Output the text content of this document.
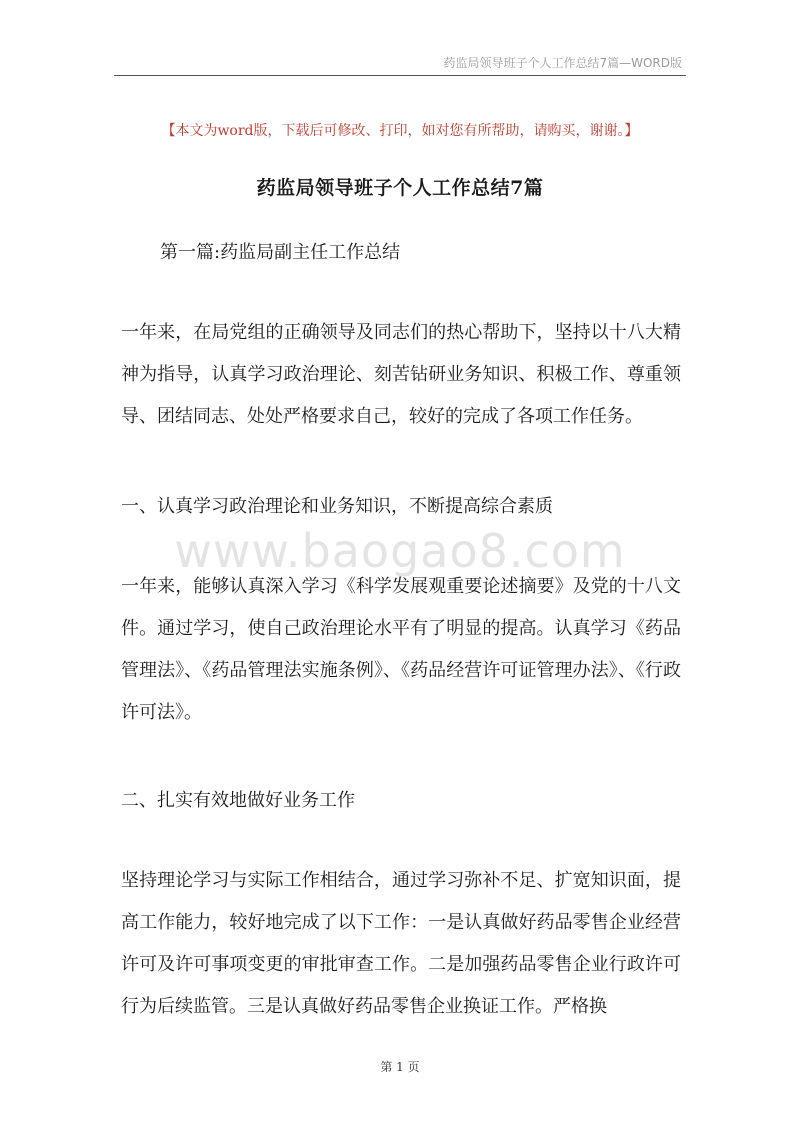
药监局领导班子个人工作总结7篇—WORD版
【本文为word版，下载后可修改、打印，如对您有所帮助，请购买，谢谢。】
药监局领导班子个人工作总结7篇
第一篇:药监局副主任工作总结

一年来，在局党组的正确领导及同志们的热心帮助下，坚持以十八大精神为指导，认真学习政治理论、刻苦钻研业务知识、积极工作、尊重领导、团结同志、处处严格要求自己，较好的完成了各项工作任务。

一、认真学习政治理论和业务知识，不断提高综合素质
www.baogao8.com

一年来，能够认真深入学习《科学发展观重要论述摘要》及党的十八文件。通过学习，使自己政治理论水平有了明显的提高。认真学习《药品管理法》、《药品管理法实施条例》、《药品经营许可证管理办法》、《行政许可法》。

二、扎实有效地做好业务工作

坚持理论学习与实际工作相结合，通过学习弥补不足、扩宽知识面，提高工作能力，较好地完成了以下工作：一是认真做好药品零售企业经营许可及许可事项变更的审批审查工作。二是加强药品零售企业行政许可行为后续监管。三是认真做好药品零售企业换证工作。严格换

第 1 页
